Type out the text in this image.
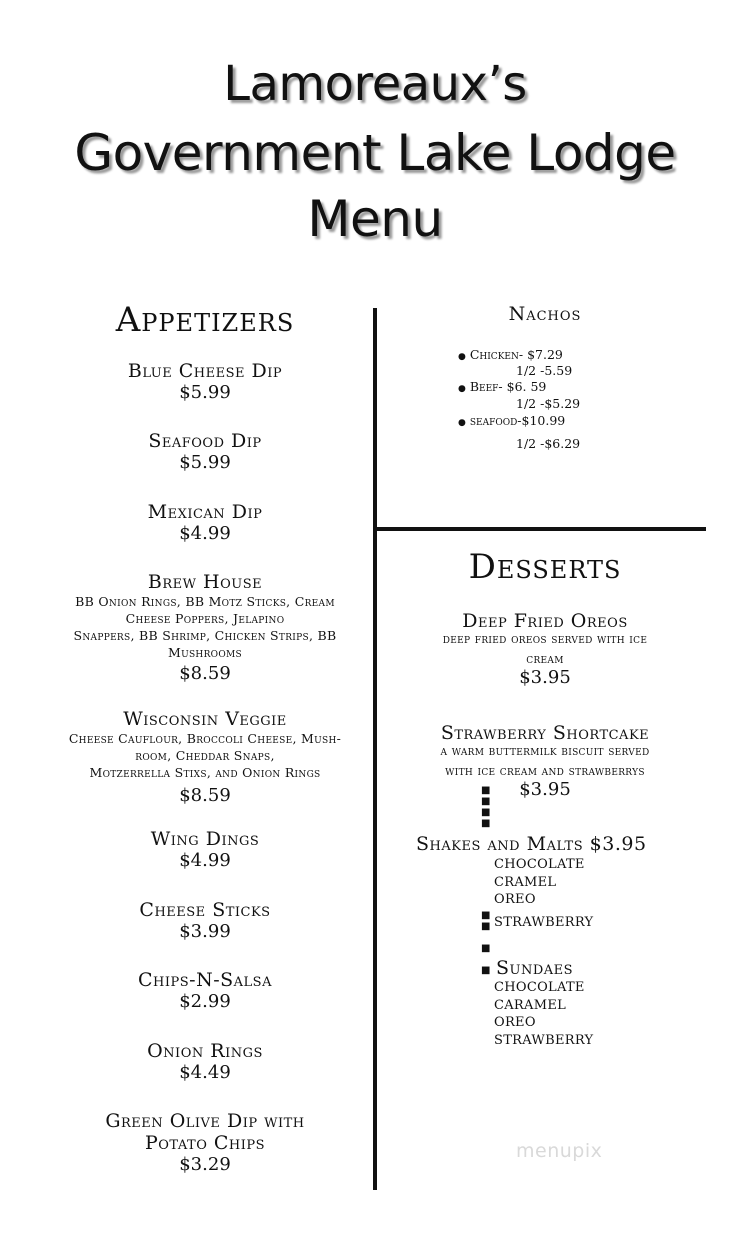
Lamoreaux’s
Government Lake Lodge
Menu
Appetizers
Blue Cheese Dip
$5.99
Seafood Dip
$5.99
Mexican Dip
$4.99
Brew House
BB Onion Rings, BB Motz Sticks, Cream
Cheese Poppers, Jelapino
Snappers, BB Shrimp, Chicken Strips, BB
Mushrooms
$8.59
Wisconsin Veggie
Cheese Cauflour, Broccoli Cheese, Mush-
room, Cheddar Snaps,
Motzerrella Stixs, and Onion Rings
$8.59
Wing Dings
$4.99
Cheese Sticks
$3.99
Chips-N-Salsa
$2.99
Onion Rings
$4.49
Green Olive Dip with
Potato Chips
$3.29
Nachos
● Chicken- $7.29
1/2 -5.59
● Beef- $6. 59
1/2 -$5.29
● seafood-$10.99
1/2 -$6.29
Desserts
Deep Fried Oreos
deep fried oreos served with ice
cream
$3.95
Strawberry Shortcake
a warm buttermilk biscuit served
with ice cream and strawberrys
$3.95
■
■
■
■
Shakes and Malts $3.95
CHOCOLATE
CRAMEL
OREO
STRAWBERRY
■
■

■

■ Sundaes
CHOCOLATE
CARAMEL
OREO
STRAWBERRY
menupix
